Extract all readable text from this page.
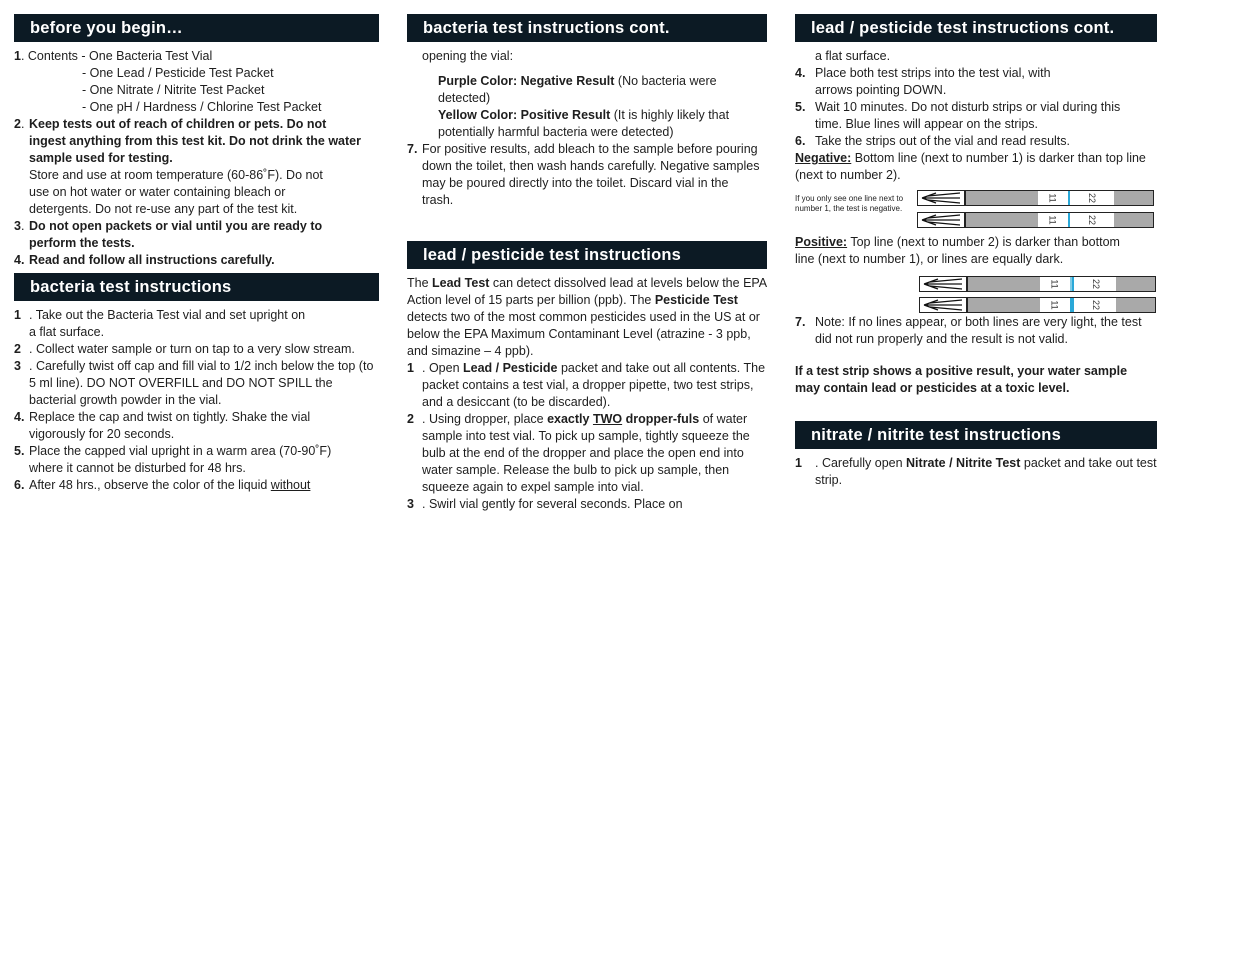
before you begin…

1. Contents - One Bacteria Test Vial

- One Lead / Pesticide Test Packet

- One Nitrate / Nitrite Test Packet

- One pH / Hardness / Chlorine Test Packet

2 . Keep tests out of reach of children or pets. Do not ingest anything from this test kit. Do not drink the water sample used for testing.
Store and use at room temperature (60-86˚F). Do not use on hot water or water containing bleach or detergents. Do not re-use any part of the test kit.
3 . Do not open packets or vial until you are ready to perform the tests.
4. Read and follow all instructions carefully.
bacteria test instructions
1 . Take out the Bacteria Test vial and set upright on a flat surface.
2 . Collect water sample or turn on tap to a very slow stream.
3 . Carefully twist off cap and fill vial to 1/2 inch below the top (to 5 ml line). DO NOT OVERFILL and DO NOT SPILL the bacterial growth powder in the vial.
4. Replace the cap and twist on tightly. Shake the vial vigorously for 20 seconds.
5. Place the capped vial upright in a warm area (70-90˚F) where it cannot be disturbed for 48 hrs.
6. After 48 hrs., observe the color of the liquid without
bacteria test instructions cont.

opening the vial:

Purple Color: Negative Result (No bacteria were detected)

Yellow Color: Positive Result (It is highly likely that potentially harmful bacteria were detected)

7. For positive results, add bleach to the sample before pouring down the toilet, then wash hands carefully. Negative samples may be poured directly into the toilet. Discard vial in the trash.
lead / pesticide test instructions

The Lead Test can detect dissolved lead at levels below the EPA Action level of 15 parts per billion (ppb). The Pesticide Test detects two of the most common pesticides used in the US at or below the EPA Maximum Contaminant Level (atrazine - 3 ppb, and simazine – 4 ppb).

1 . Open Lead / Pesticide packet and take out all contents. The packet contains a test vial, a dropper pipette, two test strips, and a desiccant (to be discarded).
2 . Using dropper, place exactly TWO dropper-fuls of water sample into test vial. To pick up sample, tightly squeeze the bulb at the end of the dropper and place the open end into water sample. Release the bulb to pick up sample, then squeeze again to expel sample into vial.
3 . Swirl vial gently for several seconds. Place on
lead / pesticide test instructions cont.

a flat surface.

4. Place both test strips into the test vial, with arrows pointing DOWN.
5. Wait 10 minutes. Do not disturb strips or vial during this time. Blue lines will appear on the strips.
6. Take the strips out of the vial and read results.

Negative: Bottom line (next to number 1) is darker than top line (next to number 2).

If you only see one line next to number 1, the test is negative.
11	22
11	22

Positive: Top line (next to number 2) is darker than bottom line (next to number 1), or lines are equally dark.

11	22
11	22
7. Note: If no lines appear, or both lines are very light, the test did not run properly and the result is not valid.

If a test strip shows a positive result, your water sample may contain lead or pesticides at a toxic level.

nitrate / nitrite test instructions
1	. Carefully open Nitrate / Nitrite Test packet and take out test strip.
